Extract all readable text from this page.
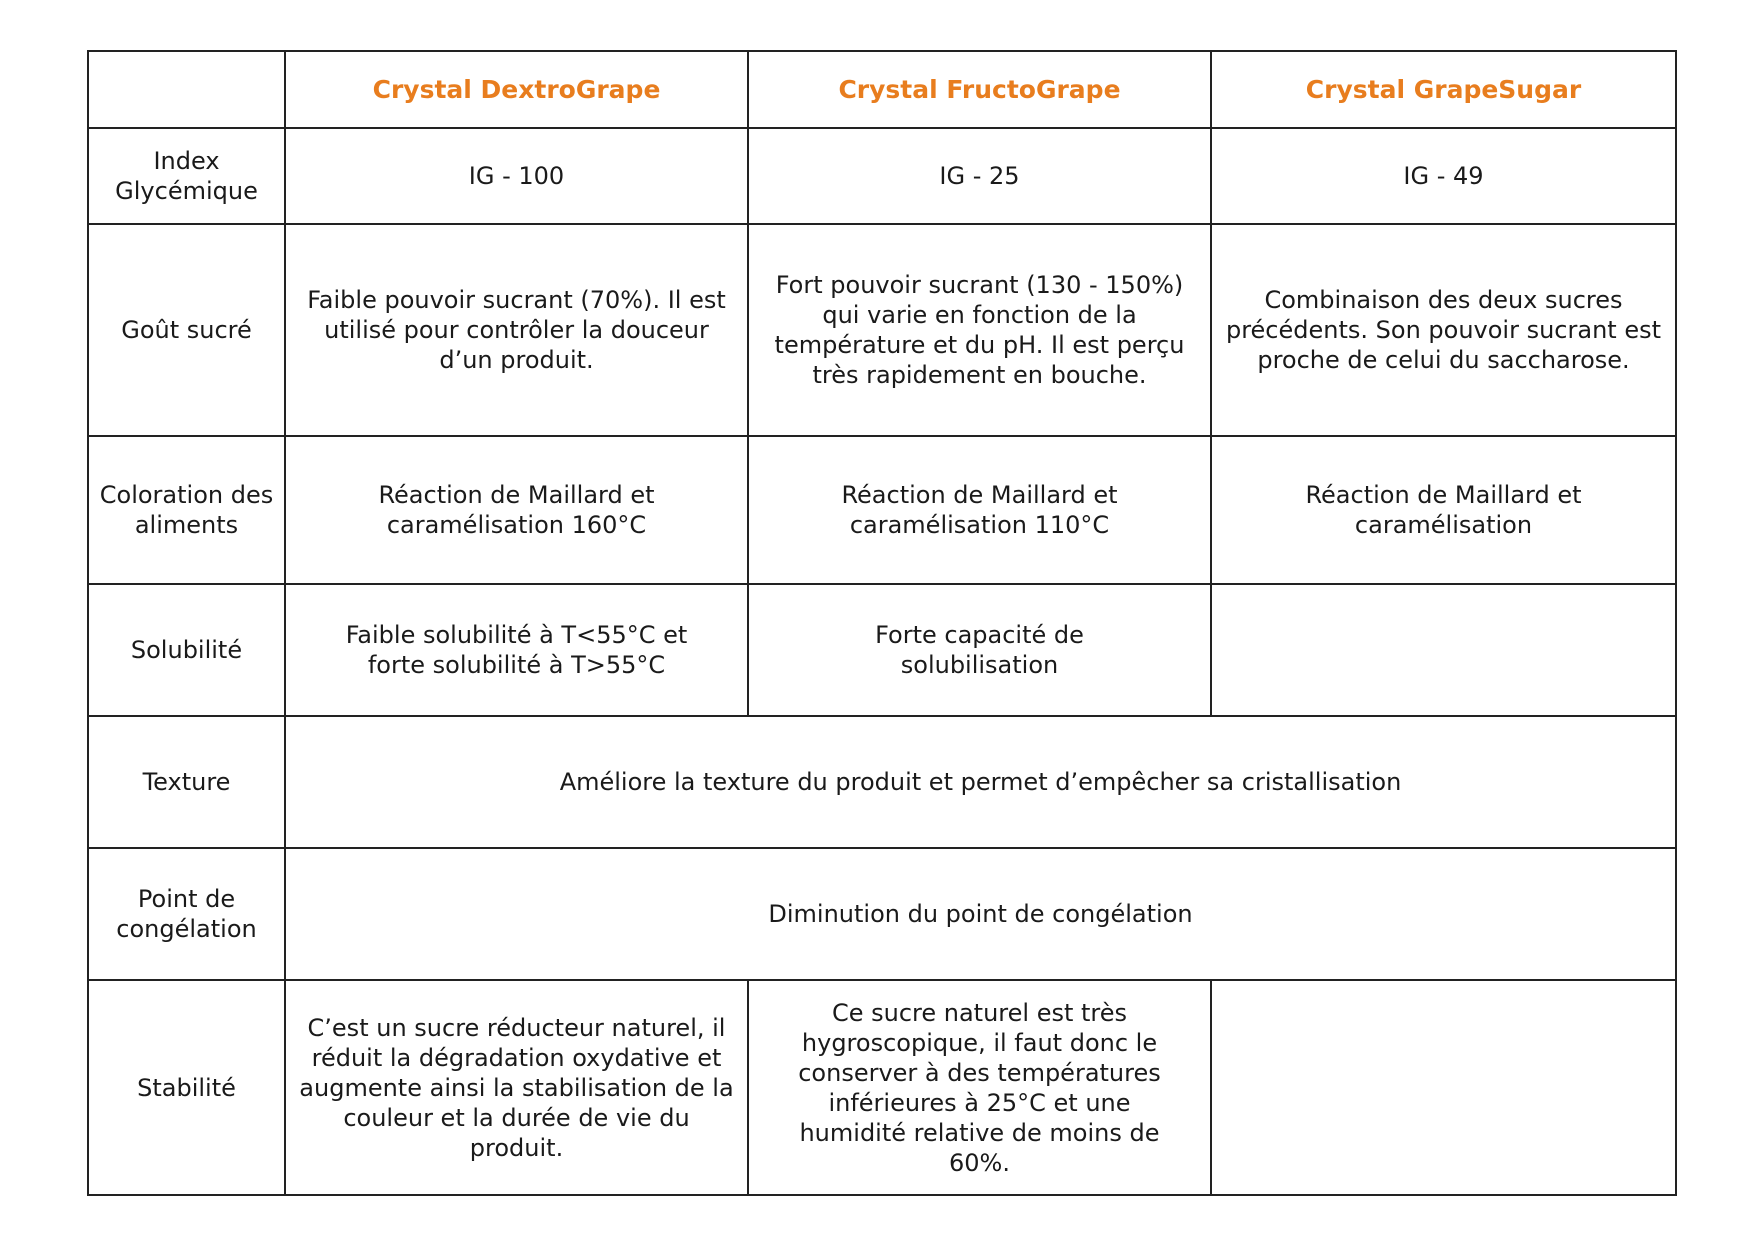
	Crystal DextroGrape	Crystal FructoGrape	Crystal GrapeSugar

Index Glycémique	IG - 100	IG - 25	IG - 49
Goût sucré	Faible pouvoir sucrant (70%). Il est utilisé pour contrôler la douceur d’un produit.	Fort pouvoir sucrant (130 - 150%) qui varie en fonction de la température et du pH. Il est perçu très rapidement en bouche.	Combinaison des deux sucres précédents. Son pouvoir sucrant est proche de celui du saccharose.
Coloration des aliments	Réaction de Maillard et caramélisation 160°C	Réaction de Maillard et caramélisation 110°C	Réaction de Maillard et caramélisation
Solubilité	Faible solubilité à T<55°C et forte solubilité à T>55°C	Forte capacité de solubilisation	
Texture	Améliore la texture du produit et permet d’empêcher sa cristallisation		
Point de congélation	Diminution du point de congélation		
Stabilité	C’est un sucre réducteur naturel, il réduit la dégradation oxydative et augmente ainsi la stabilisation de la couleur et la durée de vie du produit.	Ce sucre naturel est très hygroscopique, il faut donc le conserver à des températures inférieures à 25°C et une humidité relative de moins de 60%.	
